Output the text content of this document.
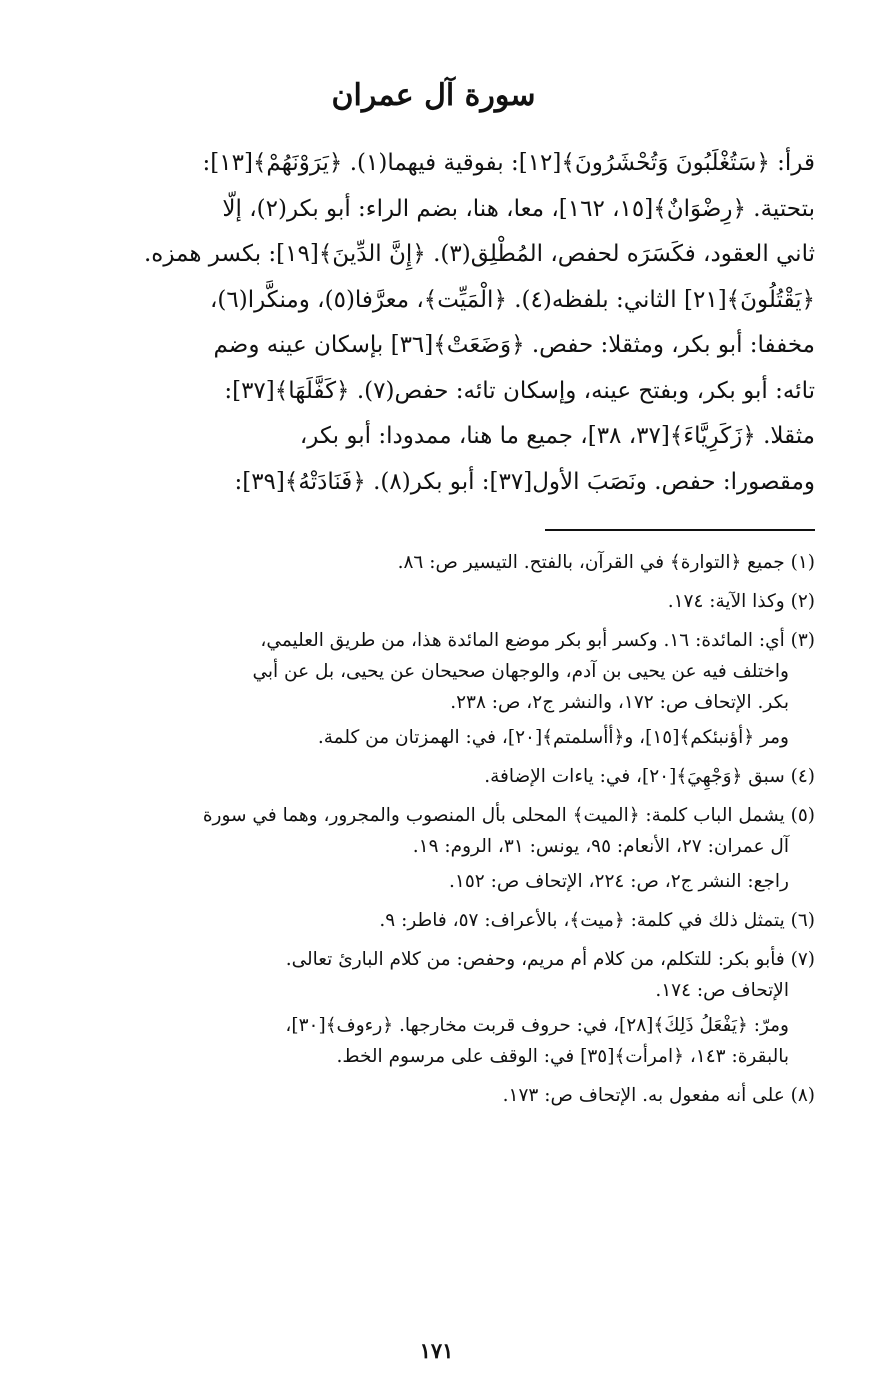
سورة آل عمران
قرأ: ﴿سَتُغْلَبُونَ وَتُحْشَرُونَ﴾[١٢]: بفوقية فيهما(١). ﴿يَرَوْنَهُمْ﴾[١٣]:
بتحتية. ﴿رِضْوَانٌ﴾[١٥، ١٦٢]، معا، هنا، بضم الراء: أبو بكر(٢)، إلّا
ثاني العقود، فكَسَرَه لحفص، المُطْلِق(٣). ﴿إِنَّ الدِّينَ﴾[١٩]: بكسر همزه.
﴿يَقْتُلُونَ﴾[٢١] الثاني: بلفظه(٤). ﴿الْمَيِّت﴾، معرَّفا(٥)، ومنكَّرا(٦)،
مخففا: أبو بكر، ومثقلا: حفص. ﴿وَضَعَتْ﴾[٣٦] بإسكان عينه وضم
تائه: أبو بكر، وبفتح عينه، وإسكان تائه: حفص(٧). ﴿كَفَّلَهَا﴾[٣٧]:
مثقلا. ﴿زَكَرِيَّاءَ﴾[٣٧، ٣٨]، جميع ما هنا، ممدودا: أبو بكر،
ومقصورا: حفص. ونَصَبَ الأول[٣٧]: أبو بكر(٨). ﴿فَنَادَتْهُ﴾[٣٩]:
(١) جميع ﴿التوارة﴾ في القرآن، بالفتح. التيسير ص: ٨٦.
(٢) وكذا الآية: ١٧٤.
(٣) أي: المائدة: ١٦. وكسر أبو بكر موضع المائدة هذا، من طريق العليمي،
واختلف فيه عن يحيى بن آدم، والوجهان صحيحان عن يحيى، بل عن أبي
بكر. الإتحاف ص: ١٧٢، والنشر ج٢، ص: ٢٣٨.
ومر ﴿أؤنبئكم﴾[١٥]، و﴿أأسلمتم﴾[٢٠]، في: الهمزتان من كلمة.
(٤) سبق ﴿وَجْهِيَ﴾[٢٠]، في: ياءات الإضافة.
(٥) يشمل الباب كلمة: ﴿الميت﴾ المحلى بأل المنصوب والمجرور، وهما في سورة
آل عمران: ٢٧، الأنعام: ٩٥، يونس: ٣١، الروم: ١٩.
راجع: النشر ج٢، ص: ٢٢٤، الإتحاف ص: ١٥٢.
(٦) يتمثل ذلك في كلمة: ﴿ميت﴾، بالأعراف: ٥٧، فاطر: ٩.
(٧) فأبو بكر: للتكلم، من كلام أم مريم، وحفص: من كلام البارئ تعالى.
الإتحاف ص: ١٧٤.
ومرّ: ﴿يَفْعَلُ ذَلِكَ﴾[٢٨]، في: حروف قربت مخارجها. ﴿رءوف﴾[٣٠]،
بالبقرة: ١٤٣، ﴿امرأت﴾[٣٥] في: الوقف على مرسوم الخط.
(٨) على أنه مفعول به. الإتحاف ص: ١٧٣.
١٧١
